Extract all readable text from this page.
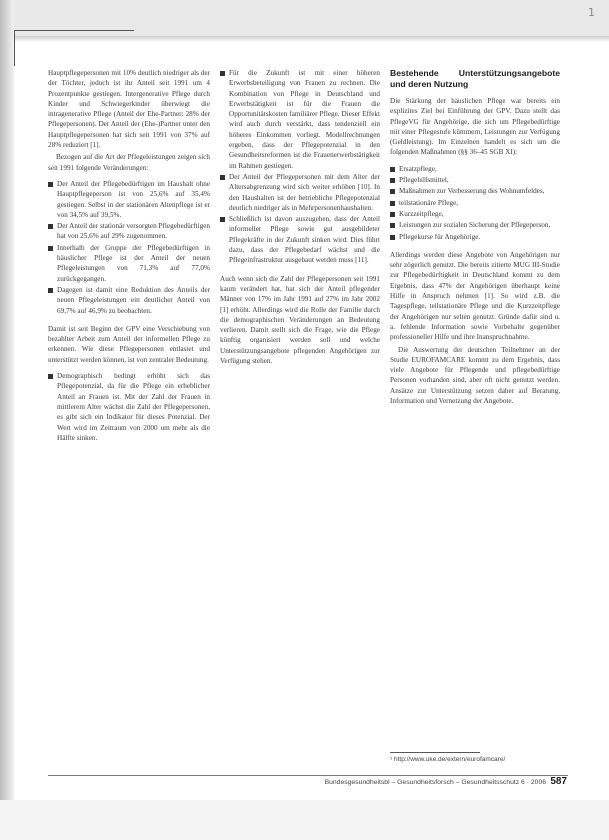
1

Hauptpflegepersonen mit 10% deutlich niedriger als der der Töchter, jedoch ist ihr Anteil seit 1991 um 4 Prozentpunkte gestiegen. Intergenerative Pflege durch Kinder und Schwiegerkinder überwiegt die intragenerative Pflege (Anteil der Ehe-Partner: 28% der Pflegepersonen). Der Anteil der (Ehe-)Partner unter den Hauptpflegepersonen hat sich seit 1991 von 37% auf 28% reduziert [1].

Bezogen auf die Art der Pflegeleistungen zeigen sich seit 1991 folgende Veränderungen:

Der Anteil der Pflegebedürftigen im Haushalt ohne Hauptpflegeperson ist von 25,6% auf 35,4% gestiegen. Selbst in der stationären Altenpflege ist er von 34,5% auf 39,5%.
Der Anteil der stationär versorgten Pflegebedürftigen hat von 25,6% auf 29% zugenommen.
Innerhalb der Gruppe der Pflegebedürftigen in häuslicher Pflege ist der Anteil der neuen Pflegeleistungen von 71,3% auf 77,0% zurückgegangen.
Dagegen ist damit eine Reduktion des Anteils der neuen Pflegeleistungen ein deutlicher Anteil von 69,7% auf 46,9% zu beobachten.

Damit ist seit Beginn der GPV eine Verschiebung von bezahlter Arbeit zum Anteil der informellen Pflege zu erkennen. Wie diese Pflegepersonen entlastet und unterstützt werden können, ist von zentraler Bedeutung.

Demographisch bedingt erhöht sich das Pflegepotenzial, da für die Pflege ein erheblicher Anteil an Frauen ist. Mit der Zahl der Frauen in mittlerem Alter wächst die Zahl der Pflegepersonen, es gibt sich ein Indikator für dieses Potenzial. Der Wert wird im Zeitraum von 2000 um mehr als die Hälfte sinken.
Für die Zukunft ist mit einer höheren Erwerbsbeteiligung von Frauen zu rechnen. Die Kombination von Pflege in Deutschland und Erwerbstätigkeit ist für die Frauen die Opportunitätskosten familiärer Pflege. Dieser Effekt wird auch durch verstärkt, dass tendenziell ein höheres Einkommen vorliegt. Modellrechnungen ergeben, dass der Pflegepotenzial in den Gesundheitsreformen ist die Frauenerwerbstätigkeit im Rahmen gestiegen.
Der Anteil der Pflegepersonen mit dem Alter der Altersabgrenzung wird sich weiter erhöhen [10]. In den Haushalten ist der betriebliche Pflegepotenzial deutlich niedriger als in Mehrpersonenhaushalten.
Schließlich ist davon auszugehen, dass der Anteil informeller Pflege sowie gut ausgebildeter Pflegekräfte in der Zukunft sinken wird. Dies führt dazu, dass der Pflegebedarf wächst und die Pflegeinfrastruktur ausgebaut werden muss [11].

Auch wenn sich die Zahl der Pflegepersonen seit 1991 kaum verändert hat, hat sich der Anteil pflegender Männer von 17% im Jahr 1991 auf 27% im Jahr 2002 [1] erhöht. Allerdings wird die Rolle der Familie durch die demographischen Veränderungen an Bedeutung verlieren. Damit stellt sich die Frage, wie die Pflege künftig organisiert werden soll und welche Unterstützungsangebote pflegenden Angehörigen zur Verfügung stehen.

Bestehende Unterstützungsangebote und deren Nutzung

Die Stärkung der häuslichen Pflege war bereits ein explizites Ziel bei Einführung der GPV. Dazu stellt das PflegeVG für Angehörige, die sich um Pflegebedürftige mit einer Pflegestufe kümmern, Leistungen zur Verfügung (Geldleistung). Im Einzelnen handelt es sich um die folgenden Maßnahmen (§§ 36–45 SGB XI):

Ersatzpflege,
Pflegehilfsmittel,
Maßnahmen zur Verbesserung des Wohnumfeldes,
teilstationäre Pflege,
Kurzzeitpflege,
Leistungen zur sozialen Sicherung der Pflegeperson,
Pflegekurse für Angehörige.

Allerdings werden diese Angebote von Angehörigen nur sehr zögerlich genutzt. Die bereits zitierte MUG III-Studie zur Pflegebedürftigkeit in Deutschland kommt zu dem Ergebnis, dass 47% der Angehörigen überhaupt keine Hilfe in Anspruch nehmen [1]. So wird z.B. die Tagespflege, teilstationäre Pflege und die Kurzzeitpflege der Angehörigen nur selten genutzt. Gründe dafür sind u. a. fehlende Information sowie Vorbehalte gegenüber professioneller Hilfe und ihre Inanspruchnahme.

Die Auswertung der deutschen Teilnehmer an der Studie EUROFAMCARE kommt zu dem Ergebnis, dass viele Angebote für Pflegende und pflegebedürftige Personen vorhanden sind, aber oft nicht genutzt werden. Ansätze zur Unterstützung setzen daher auf Beratung, Information und Vernetzung der Angebote.

¹ http://www.uke.de/extern/eurofamcare/
Bundesgesundheitsbl – Gesundheitsforsch – Gesundheitsschutz 6 · 2006 587
